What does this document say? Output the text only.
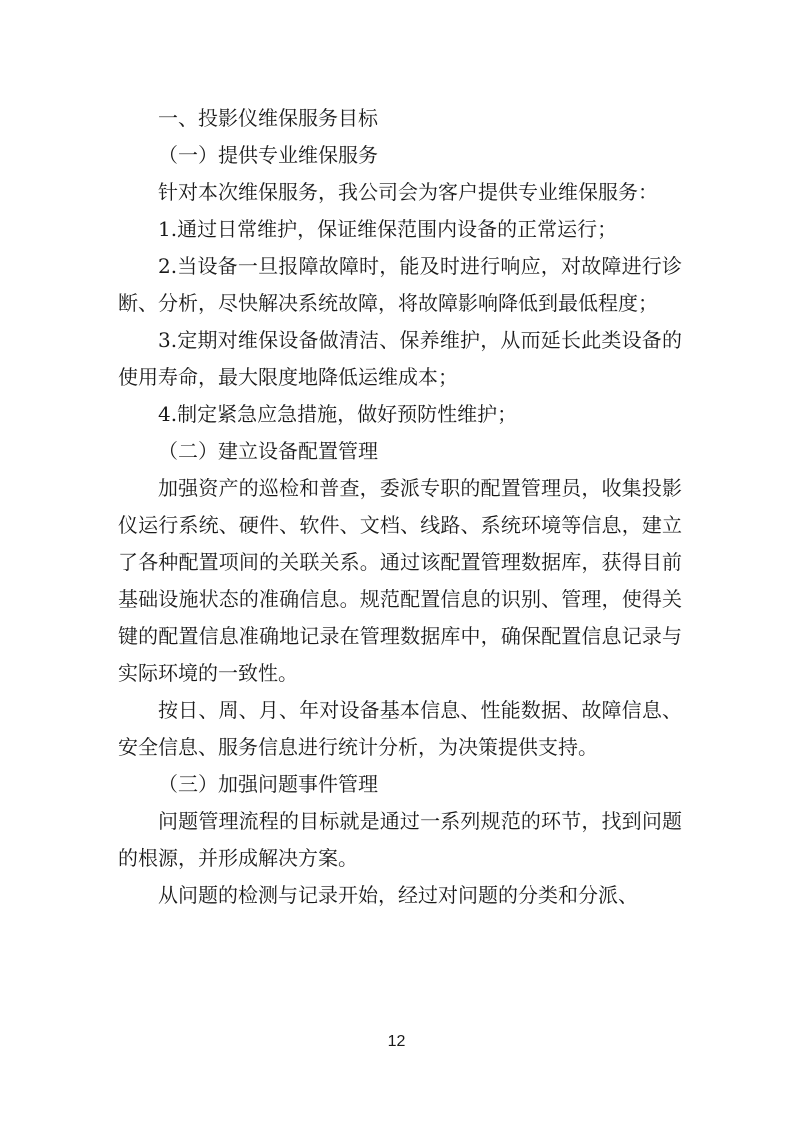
一、投影仪维保服务目标

（一）提供专业维保服务

针对本次维保服务，我公司会为客户提供专业维保服务：

1.通过日常维护，保证维保范围内设备的正常运行；

2.当设备一旦报障故障时，能及时进行响应，对故障进行诊断、分析，尽快解决系统故障，将故障影响降低到最低程度；

3.定期对维保设备做清洁、保养维护，从而延长此类设备的使用寿命，最大限度地降低运维成本；

4.制定紧急应急措施，做好预防性维护；

（二）建立设备配置管理

加强资产的巡检和普查，委派专职的配置管理员，收集投影仪运行系统、硬件、软件、文档、线路、系统环境等信息，建立了各种配置项间的关联关系。通过该配置管理数据库，获得目前基础设施状态的准确信息。规范配置信息的识别、管理，使得关键的配置信息准确地记录在管理数据库中，确保配置信息记录与实际环境的一致性。

按日、周、月、年对设备基本信息、性能数据、故障信息、安全信息、服务信息进行统计分析，为决策提供支持。

（三）加强问题事件管理

问题管理流程的目标就是通过一系列规范的环节，找到问题的根源，并形成解决方案。

从问题的检测与记录开始，经过对问题的分类和分派、

12
